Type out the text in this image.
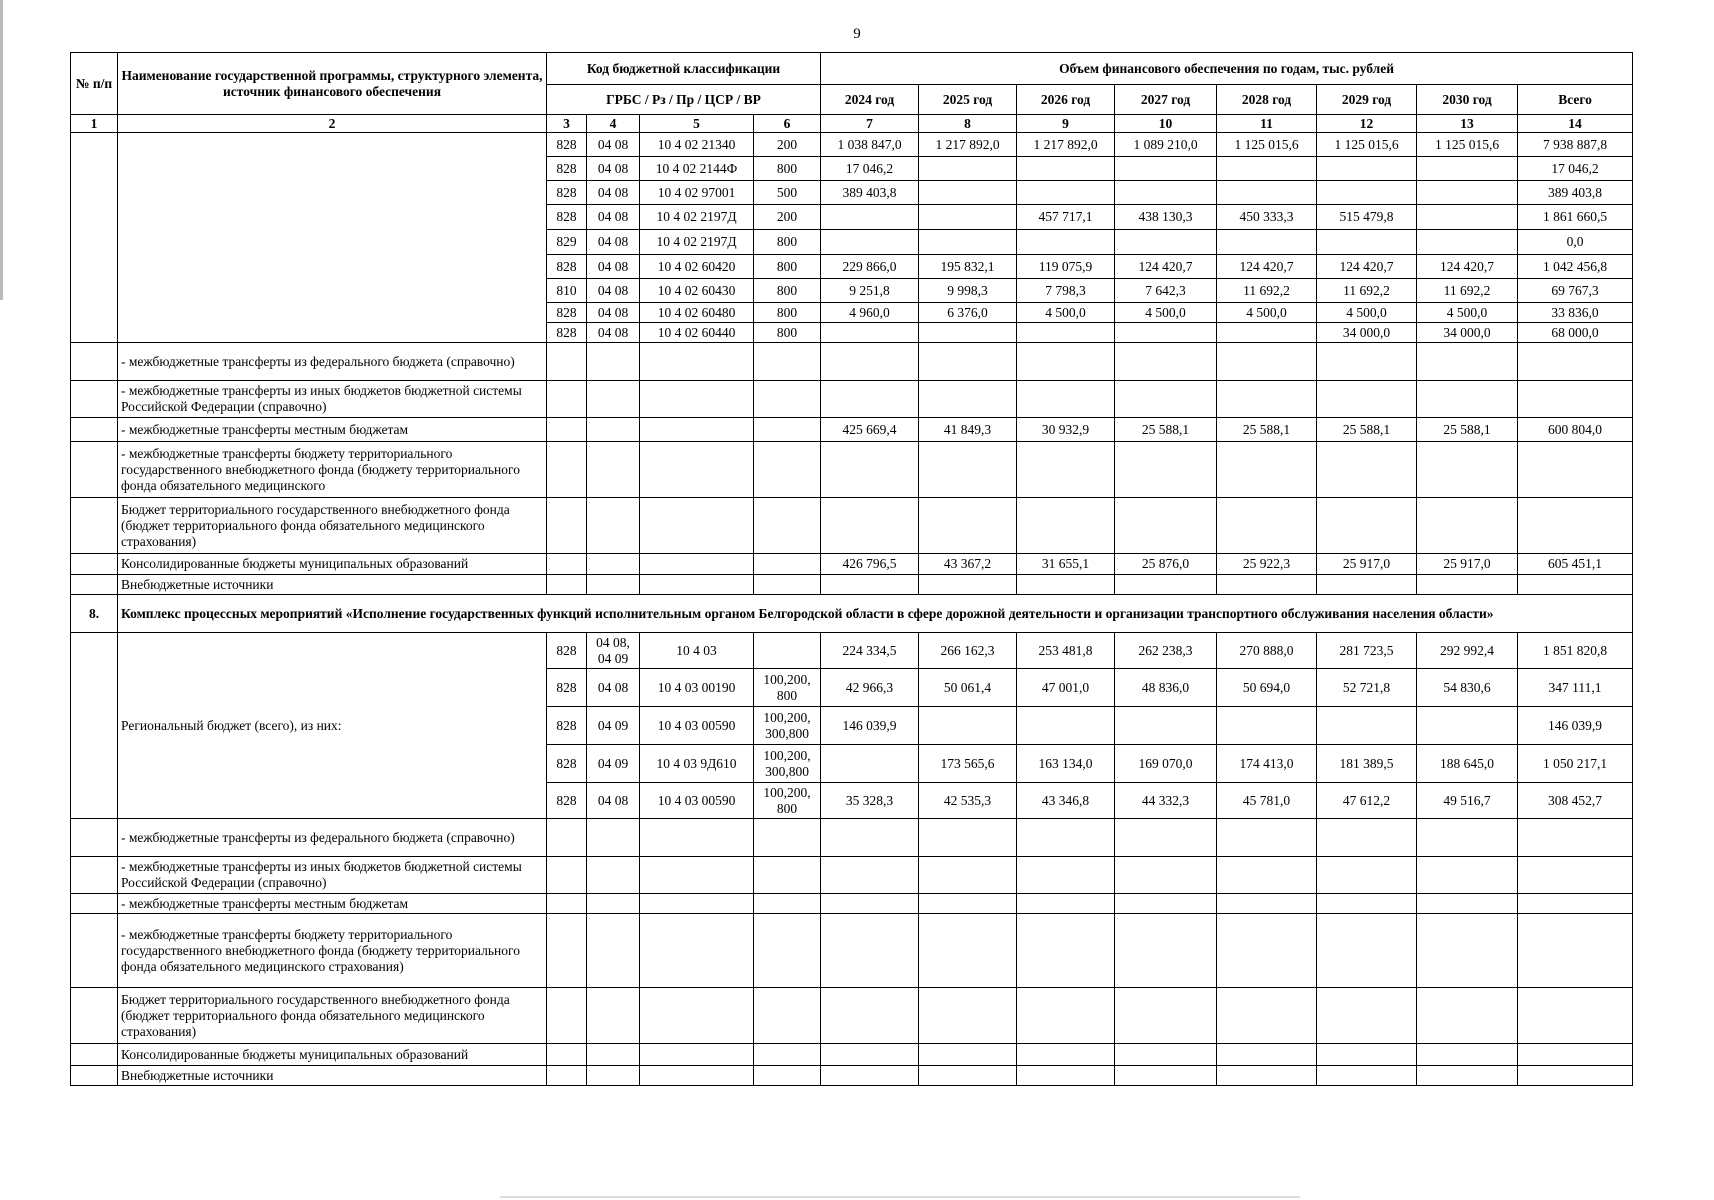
9
№ п/п	Наименование государственной программы, структурного элемента, источник финансового обеспечения	Код бюджетной классификации				Объем финансового обеспечения по годам, тыс. рублей							
		ГРБС / Рз / Пр / ЦСР / ВР				2024 год	2025 год	2026 год	2027 год	2028 год	2029 год	2030 год	Всего
1	2	3	4	5	6	7	8	9	10	11	12	13	14
		828	04 08	10 4 02 21340	200	1 038 847,0	1 217 892,0	1 217 892,0	1 089 210,0	1 125 015,6	1 125 015,6	1 125 015,6	7 938 887,8
		828	04 08	10 4 02 2144Ф	800	17 046,2							17 046,2
		828	04 08	10 4 02 97001	500	389 403,8							389 403,8
		828	04 08	10 4 02 2197Д	200			457 717,1	438 130,3	450 333,3	515 479,8		1 861 660,5
		829	04 08	10 4 02 2197Д	800								0,0
		828	04 08	10 4 02 60420	800	229 866,0	195 832,1	119 075,9	124 420,7	124 420,7	124 420,7	124 420,7	1 042 456,8
		810	04 08	10 4 02 60430	800	9 251,8	9 998,3	7 798,3	7 642,3	11 692,2	11 692,2	11 692,2	69 767,3
		828	04 08	10 4 02 60480	800	4 960,0	6 376,0	4 500,0	4 500,0	4 500,0	4 500,0	4 500,0	33 836,0
		828	04 08	10 4 02 60440	800						34 000,0	34 000,0	68 000,0
	- межбюджетные трансферты из федерального бюджета (справочно)												
	- межбюджетные трансферты из иных бюджетов бюджетной системы Российской Федерации (справочно)												
	- межбюджетные трансферты местным бюджетам					425 669,4	41 849,3	30 932,9	25 588,1	25 588,1	25 588,1	25 588,1	600 804,0
	- межбюджетные трансферты бюджету территориального государственного внебюджетного фонда (бюджету территориального фонда обязательного медицинского												
	Бюджет территориального государственного внебюджетного фонда (бюджет территориального фонда обязательного медицинского страхования)												
	Консолидированные бюджеты муниципальных образований					426 796,5	43 367,2	31 655,1	25 876,0	25 922,3	25 917,0	25 917,0	605 451,1
	Внебюджетные источники												
8.	Комплекс процессных мероприятий «Исполнение государственных функций исполнительным органом Белгородской области в сфере дорожной деятельности и организации транспортного обслуживания населения области»												
	Региональный бюджет (всего), из них:	828	04 08, 04 09	10 4 03		224 334,5	266 162,3	253 481,8	262 238,3	270 888,0	281 723,5	292 992,4	1 851 820,8
		828	04 08	10 4 03 00190	100,200, 800	42 966,3	50 061,4	47 001,0	48 836,0	50 694,0	52 721,8	54 830,6	347 111,1
		828	04 09	10 4 03 00590	100,200, 300,800	146 039,9							146 039,9
		828	04 09	10 4 03 9Д610	100,200, 300,800		173 565,6	163 134,0	169 070,0	174 413,0	181 389,5	188 645,0	1 050 217,1
		828	04 08	10 4 03 00590	100,200, 800	35 328,3	42 535,3	43 346,8	44 332,3	45 781,0	47 612,2	49 516,7	308 452,7
	- межбюджетные трансферты из федерального бюджета (справочно)												
	- межбюджетные трансферты из иных бюджетов бюджетной системы Российской Федерации (справочно)												
	- межбюджетные трансферты местным бюджетам												
	- межбюджетные трансферты бюджету территориального государственного внебюджетного фонда (бюджету территориального фонда обязательного медицинского страхования)												
	Бюджет территориального государственного внебюджетного фонда (бюджет территориального фонда обязательного медицинского страхования)												
	Консолидированные бюджеты муниципальных образований												
	Внебюджетные источники												
